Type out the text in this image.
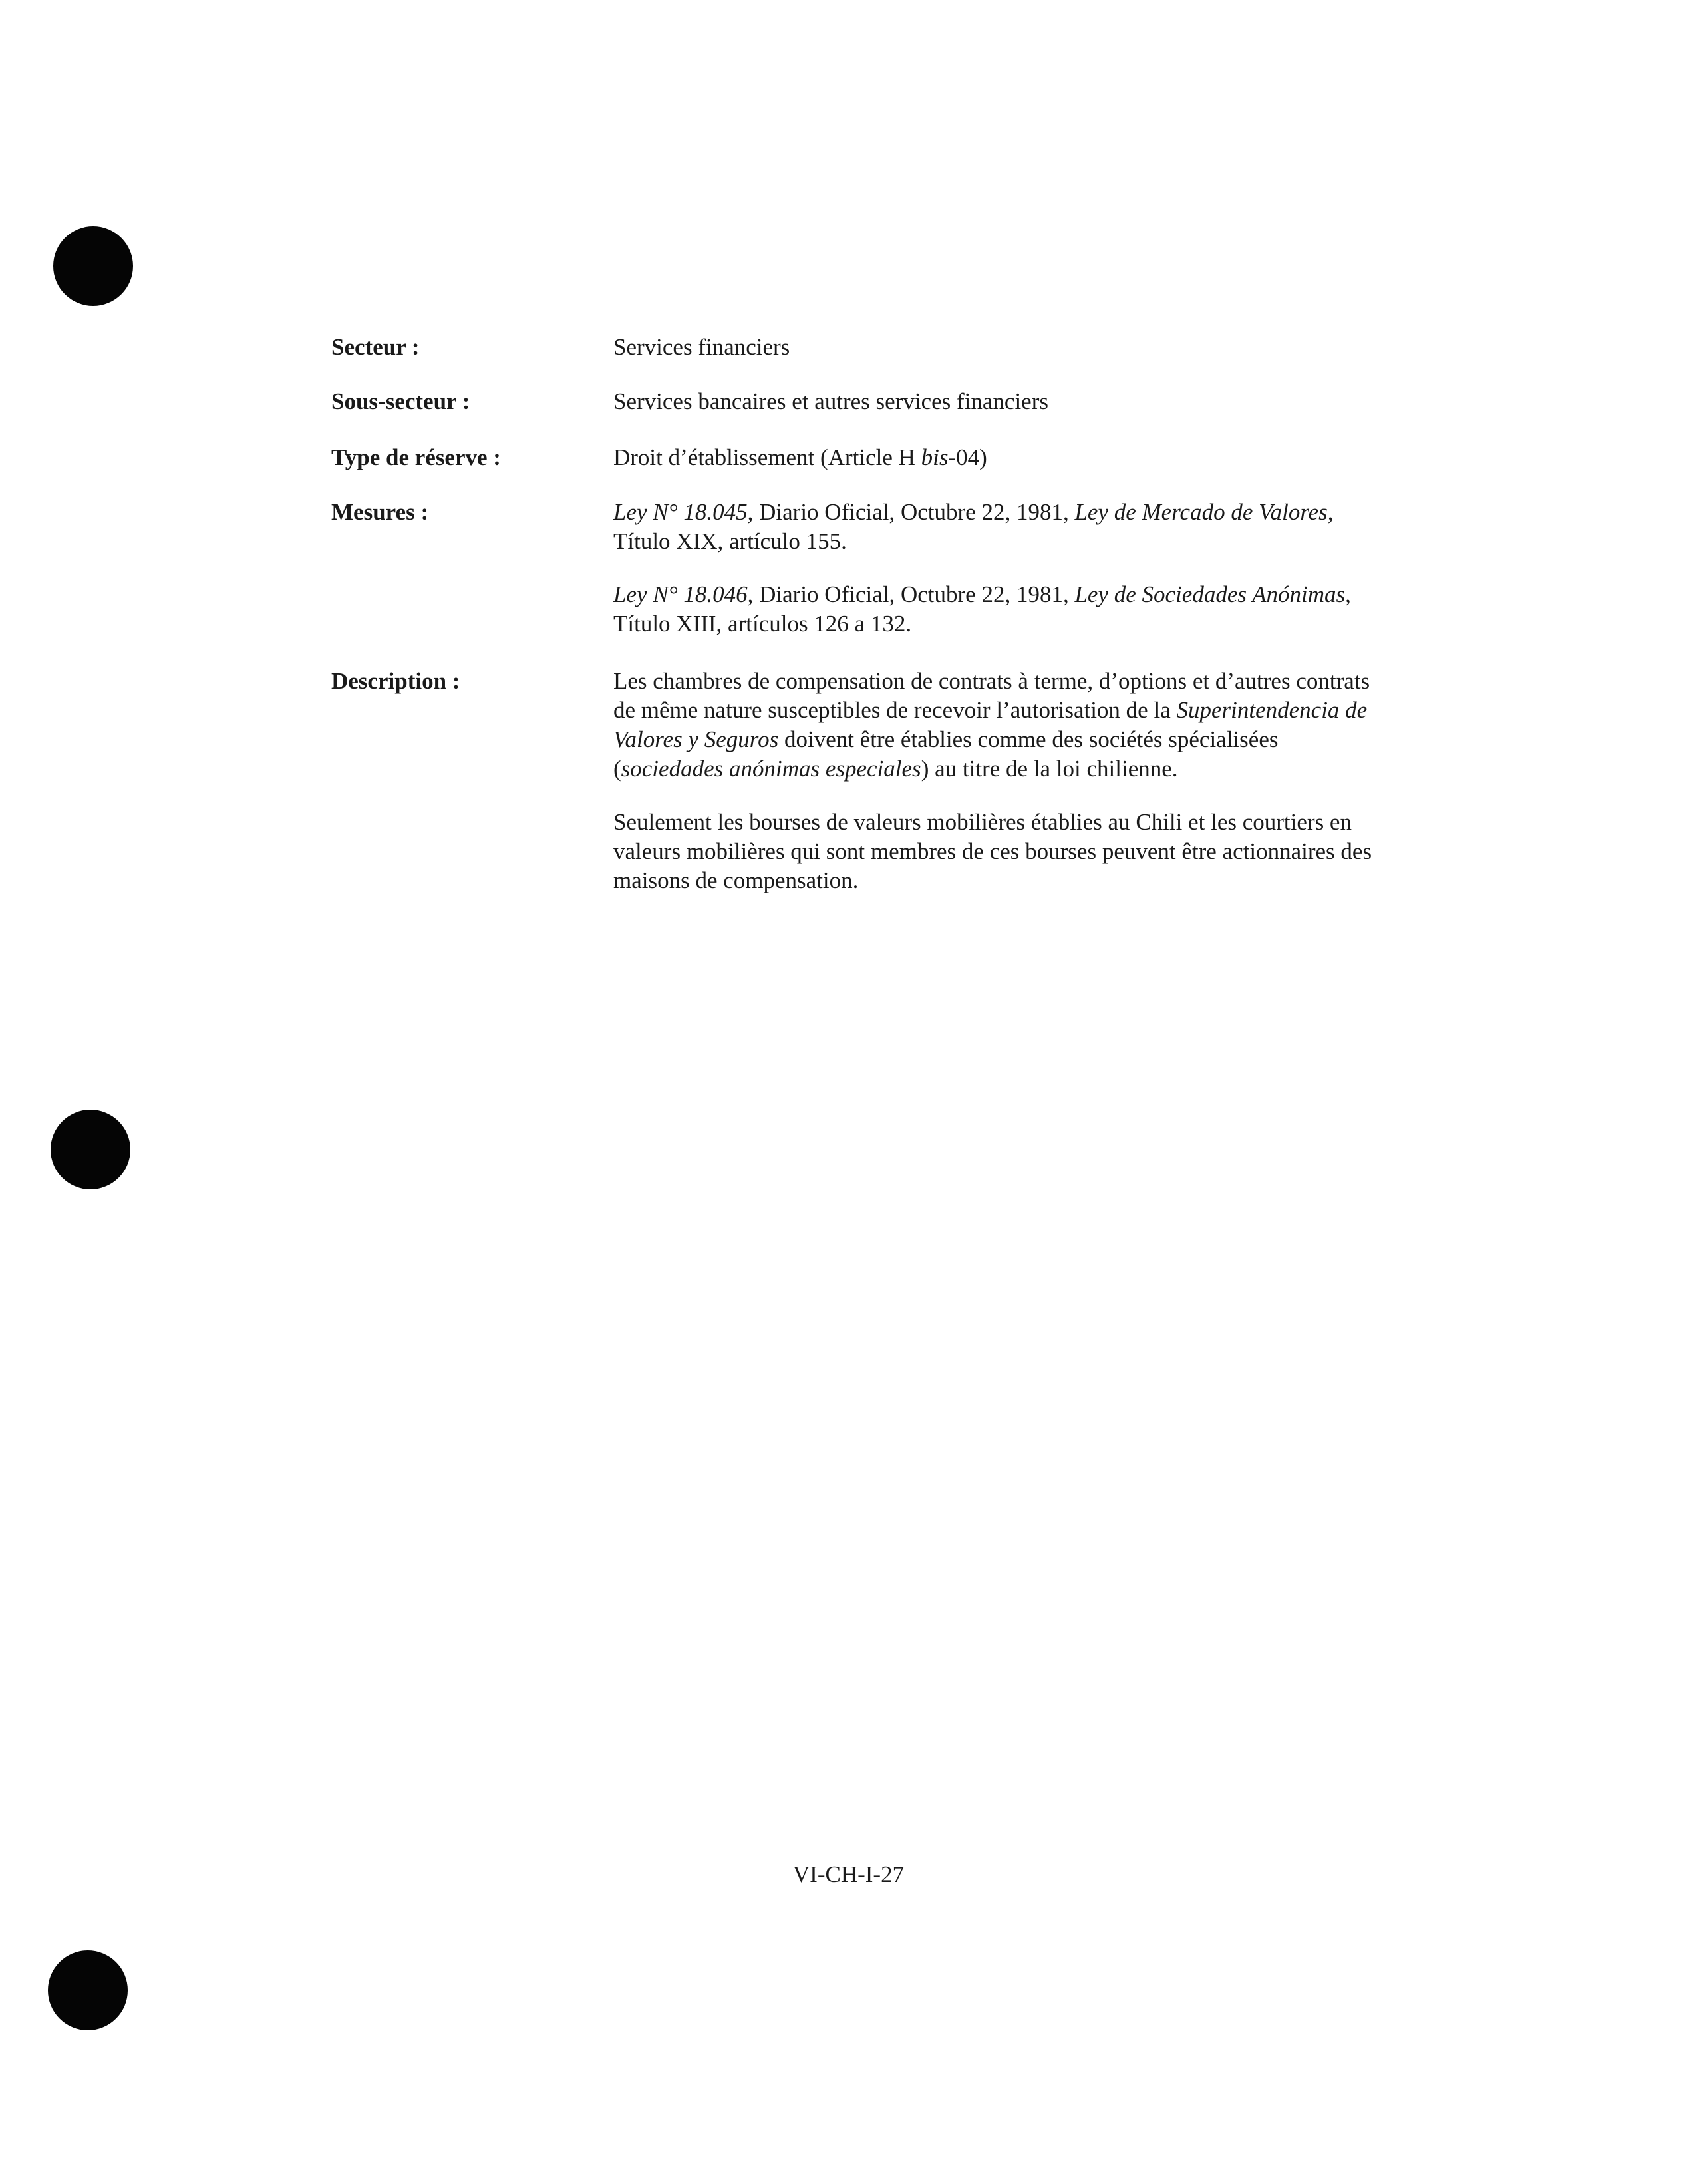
Secteur :	Services financiers
Sous-secteur :	Services bancaires et autres services financiers
Type de réserve :	Droit d’établissement (Article H bis-04)
Mesures :	Ley N° 18.045, Diario Oficial, Octubre 22, 1981, Ley de Mercado de Valores, Título XIX, artículo 155.

Ley N° 18.046, Diario Oficial, Octubre 22, 1981, Ley de Sociedades Anónimas, Título XIII, artículos 126 a 132.

Description :	Les chambres de compensation de contrats à terme, d’options et d’autres contrats de même nature susceptibles de recevoir l’autorisation de la Superintendencia de Valores y Seguros doivent être établies comme des sociétés spécialisées (sociedades anónimas especiales) au titre de la loi chilienne.

Seulement les bourses de valeurs mobilières établies au Chili et les courtiers en valeurs mobilières qui sont membres de ces bourses peuvent être actionnaires des maisons de compensation.

VI-CH-I-27
